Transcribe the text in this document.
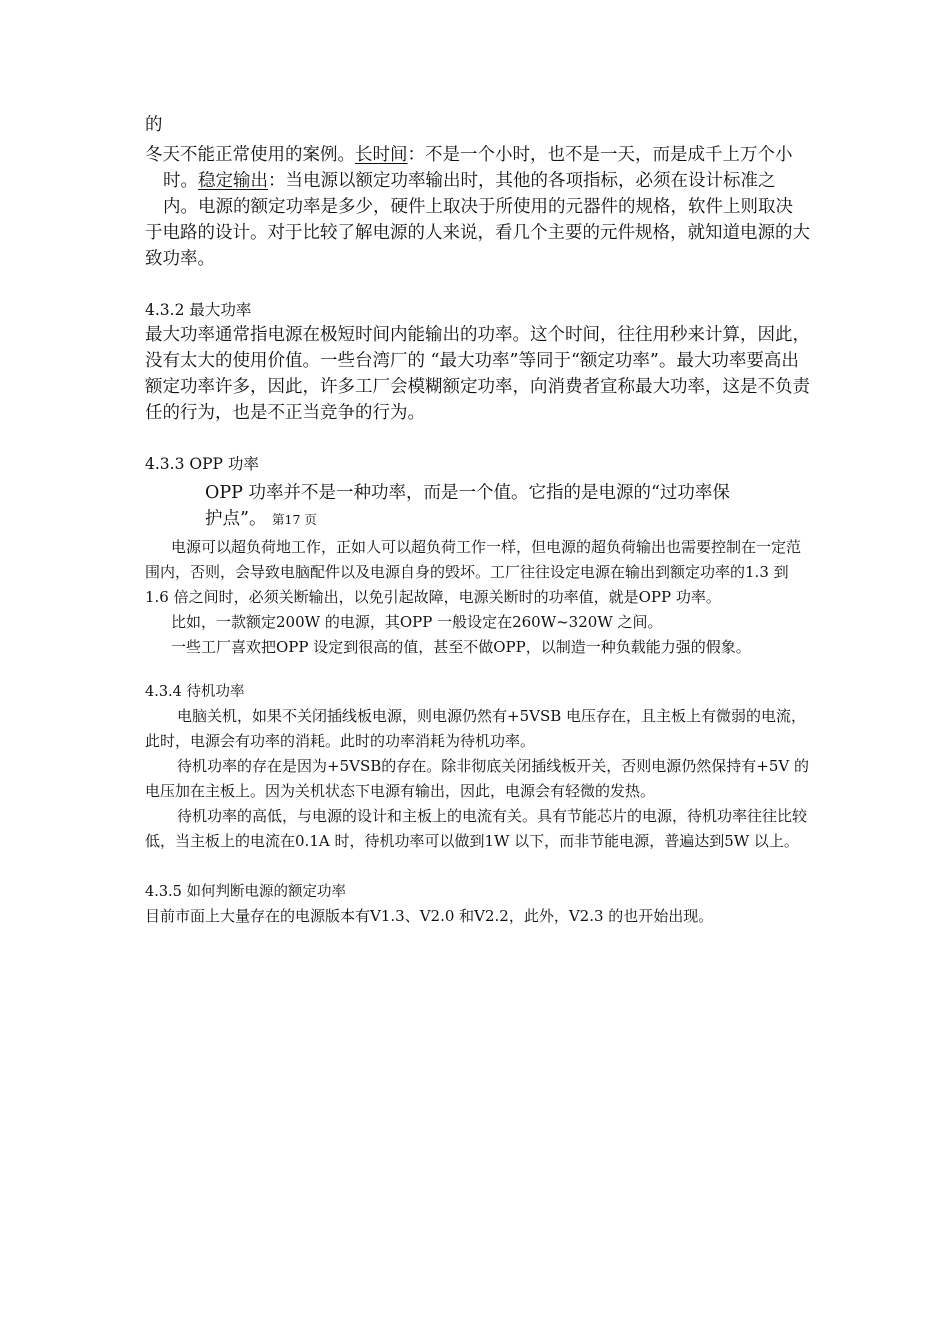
的

冬天不能正常使用的案例。长时间：不是一个小时，也不是一天，而是成千上万个小时。稳定输出：当电源以额定功率输出时，其他的各项指标，必须在设计标准之内。电源的额定功率是多少，硬件上取决于所使用的元器件的规格，软件上则取决

于电路的设计。对于比较了解电源的人来说，看几个主要的元件规格，就知道电源的大致功率。

4.3.2 最大功率

最大功率通常指电源在极短时间内能输出的功率。这个时间，往往用秒来计算，因此，没有太大的使用价值。一些台湾厂的 “最大功率”等同于“额定功率”。最大功率要高出额定功率许多，因此，许多工厂会模糊额定功率，向消费者宣称最大功率，这是不负责任的行为，也是不正当竞争的行为。

4.3.3 OPP 功率

OPP 功率并不是一种功率，而是一个值。它指的是电源的“过功率保
护点”。 第17 页

电源可以超负荷地工作，正如人可以超负荷工作一样，但电源的超负荷输出也需要控制在一定范围内，否则，会导致电脑配件以及电源自身的毁坏。工厂往往设定电源在输出到额定功率的1.3 到1.6 倍之间时，必须关断输出，以免引起故障，电源关断时的功率值，就是OPP 功率。

比如，一款额定200W 的电源，其OPP 一般设定在260W~320W 之间。

一些工厂喜欢把OPP 设定到很高的值，甚至不做OPP，以制造一种负载能力强的假象。

4.3.4 待机功率

电脑关机，如果不关闭插线板电源，则电源仍然有+5VSB 电压存在，且主板上有微弱的电流，此时，电源会有功率的消耗。此时的功率消耗为待机功率。

待机功率的存在是因为+5VSB的存在。除非彻底关闭插线板开关，否则电源仍然保持有+5V 的电压加在主板上。因为关机状态下电源有输出，因此，电源会有轻微的发热。

待机功率的高低，与电源的设计和主板上的电流有关。具有节能芯片的电源，待机功率往往比较低，当主板上的电流在0.1A 时，待机功率可以做到1W 以下，而非节能电源，普遍达到5W 以上。

4.3.5 如何判断电源的额定功率

目前市面上大量存在的电源版本有V1.3、V2.0 和V2.2，此外，V2.3 的也开始出现。
